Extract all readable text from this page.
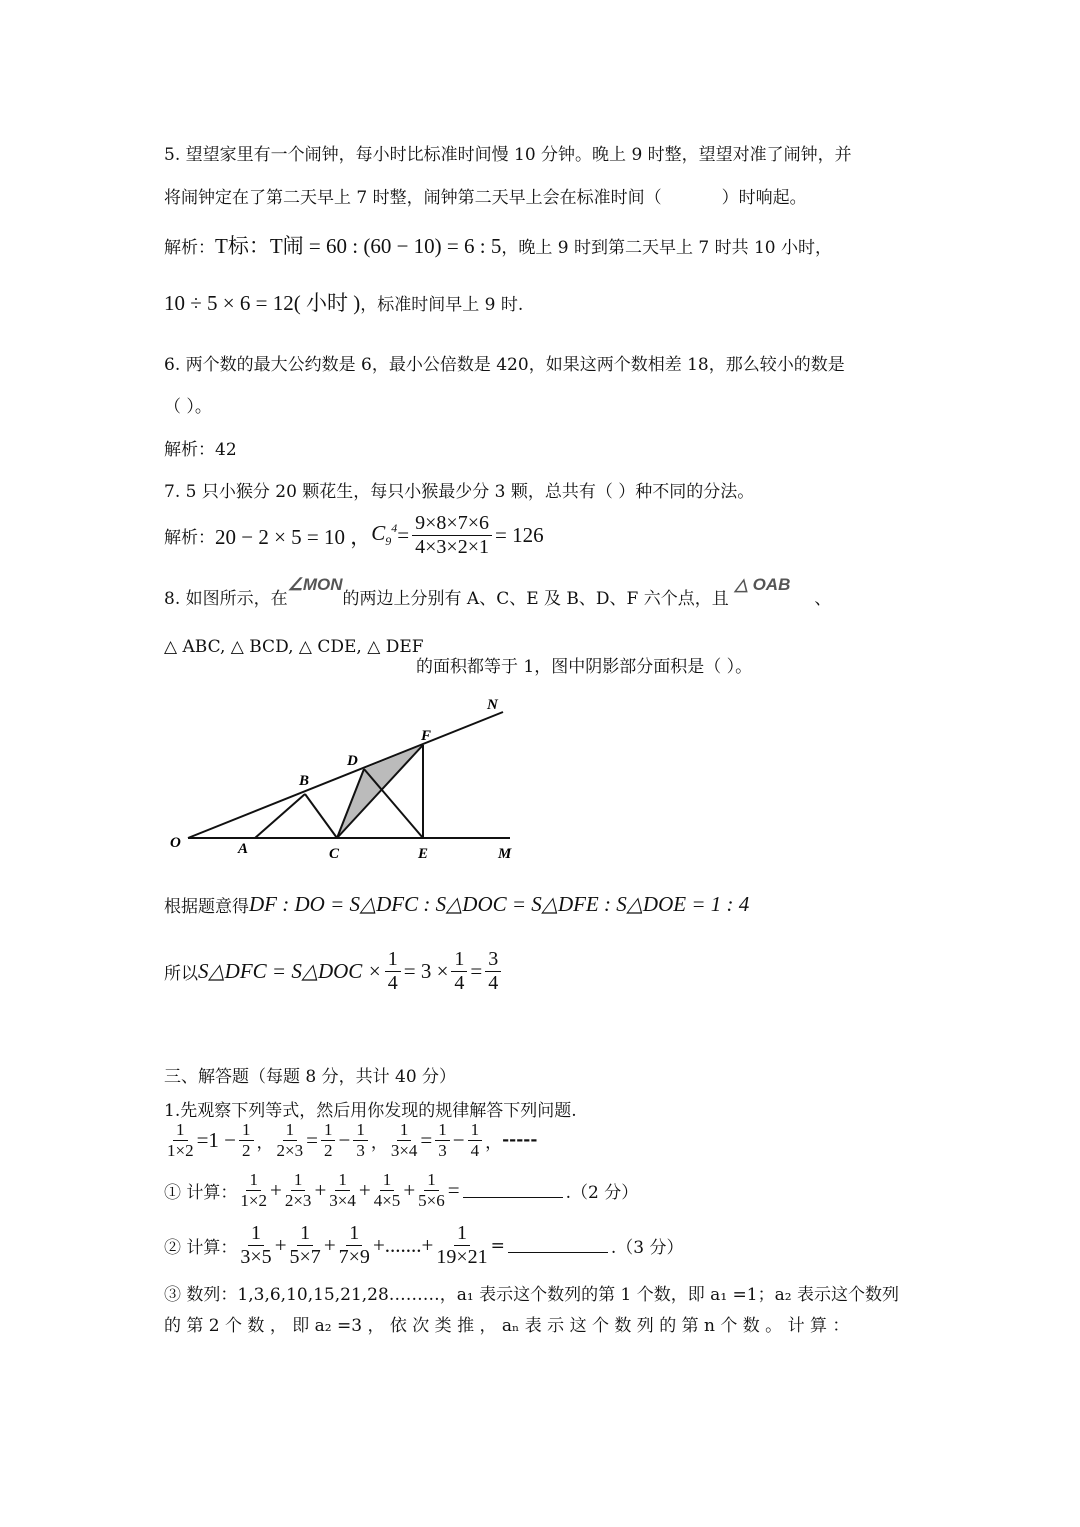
5. 望望家里有一个闹钟，每小时比标准时间慢 10 分钟。晚上 9 时整，望望对准了闹钟，并
将闹钟定在了第二天早上 7 时整，闹钟第二天早上会在标准时间（	）时响起。
解析： T标：T闹 = 60 : (60 − 10) = 6 : 5 ，晚上 9 时到第二天早上 7 时共 10 小时，
10 ÷ 5 × 6 = 12( 小时 ) ，标准时间早上 9 时.
6. 两个数的最大公约数是 6，最小公倍数是 420，如果这两个数相差 18，那么较小的数是
（ ）。
解析：42
7. 5 只小猴分 20 颗花生，每只小猴最少分 3 颗，总共有（ ）种不同的分法。
解析： 20 − 2 × 5 = 10 ， $C_9^4 = \frac{9\times 8\times 7\times 6}{4\times 3\times 2\times 1} = 126$
8. 如图所示，在
∠MON
的两边上分别有 A、C、E 及 B、D、F 六个点，且
△ OAB
、
△ ABC, △ BCD, △ CDE, △ DEF
的面积都等于 1，图中阴影部分面积是（ ）。
O	A	C	E	M
B
D
F
N
根据题意得 DF : DO = S△DFC : S△DOC = S△DFE : S△DOE = 1 : 4
所以 S△DFC = S△DOC × $\frac{1}{4} = 3 \times \frac{1}{4} = \frac{3}{4}$
三、解答题（每题 8 分，共计 40 分）
1.先观察下列等式，然后用你发现的规律解答下列问题.
$\frac{1}{1\times 2} =1 - \frac{1}{2}$ ， $\frac{1}{2\times 3} = \frac{1}{2} - \frac{1}{3}$ ， $\frac{1}{3\times 4} = \frac{1}{3} - \frac{1}{4}$ ， -----
① 计算： $\frac{1}{1\times 2} + \frac{1}{2\times 3} + \frac{1}{3\times 4} + \frac{1}{4\times 5} + \frac{1}{5\times 6}$ =	.（2 分）
② 计算： $\frac{1}{3\times 5} + \frac{1}{5\times 7} + \frac{1}{7\times 9}$ +.......+ $\frac{1}{19\times 21}$ =	.（3 分）
③ 数列：1,3,6,10,15,21,28………，a₁ 表示这个数列的第 1 个数，即 a₁ =1；a₂ 表示这个数列
的 第 2 个 数 ， 即 a₂ =3 ， 依 次 类 推 ， aₙ 表 示 这 个 数 列 的 第 n 个 数 。 计 算 ：
